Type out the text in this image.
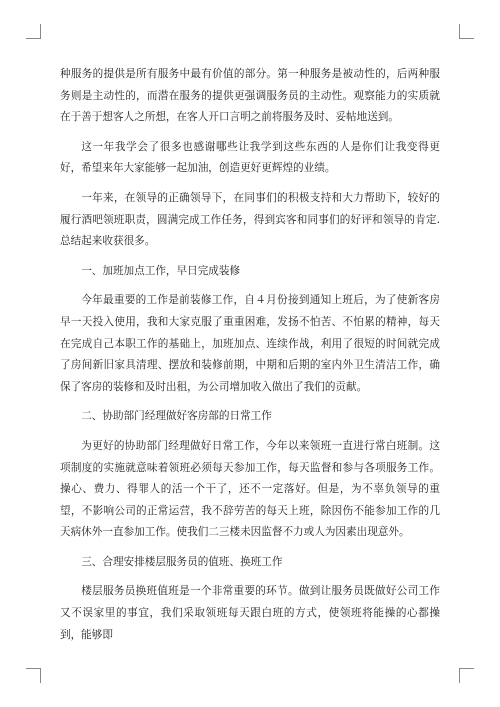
种服务的提供是所有服务中最有价值的部分。第一种服务是被动性的，后两种服务则是主动性的，而潜在服务的提供更强调服务员的主动性。观察能力的实质就在于善于想客人之所想，在客人开口言明之前将服务及时、妥帖地送到。

这一年我学会了很多也感谢哪些让我学到这些东西的人是你们让我变得更好，希望来年大家能够一起加油，创造更好更辉煌的业绩。

一年来，在领导的正确领导下，在同事们的积极支持和大力帮助下，较好的履行酒吧领班职责，圆满完成工作任务，得到宾客和同事们的好评和领导的肯定.总结起来收获很多。

一、加班加点工作，早日完成装修

今年最重要的工作是前装修工作，自４月份接到通知上班后，为了使新客房早一天投入使用，我和大家克服了重重困难，发扬不怕苦、不怕累的精神，每天在完成自己本职工作的基础上，加班加点、连续作战，利用了很短的时间就完成了房间新旧家具清理、摆放和装修前期，中期和后期的室内外卫生清洁工作，确保了客房的装修和及时出租，为公司增加收入做出了我们的贡献。

二、协助部门经理做好客房部的日常工作

为更好的协助部门经理做好日常工作，今年以来领班一直进行常白班制。这项制度的实施就意味着领班必须每天参加工作，每天监督和参与各项服务工作。操心、费力、得罪人的活一个干了，还不一定落好。但是，为不辜负领导的重望，不影响公司的正常运营，我不辞劳苦的每天上班，除因伤不能参加工作的几天病休外一直参加工作。使我们二三楼未因监督不力或人为因素出现意外。

三、合理安排楼层服务员的值班、换班工作

楼层服务员换班值班是一个非常重要的环节。做到让服务员既做好公司工作又不误家里的事宜，我们采取领班每天跟白班的方式，使领班将能操的心都操到，能够即
